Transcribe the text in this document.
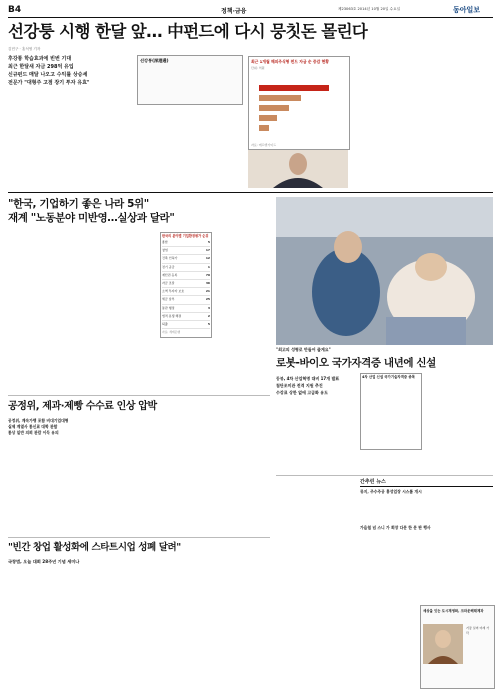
B4	정책·금융	제23063호 2014년 10월 20일 수요일	동아일보
선강퉁 시행 한달 앞… 中펀드에 다시 뭉칫돈 몰린다
김민구 · 홍석영 기자
후강퉁 학습효과에 빈번 기대
최근 한달새 자금 298억 유입
신규펀드 매달 나오고 수익률 상승세
전문가 "대형주 고점 장기 투자 유효"
선강퉁(深港通)	최근 1개월 해외주식형 펀드 자금 순 증감 현황
단위: 억원
자료: 에프앤가이드
"한국, 기업하기 좋은 나라 5위"
재계 "노동분야 미반영…실상과 달라"
한국의 분야별 기업환경평가 순위
종합	5
창업	17
건축 인허가	12
전기 공급	1
재산권 등록	79
자금 조달	36
소액 투자자 보호	21
세금 납부	25
통관 행정	3
법적 분쟁 해결	2
퇴출	5
자료: 세계은행
"최고의 성형로 만들어 줄게요"
로봇-바이오 국가자격증 내년에 신설
등뷰, 4차 산업혁명 대비 17개 발표
첨단조미관 전격 지원 추진
수강료 상한 없애 고급화 유도
4차 산업 신설 국가기술자격증 종목
공정위, 제과·제빵 수수료 인상 압박
공정위, 계속가맹 포함 비대기업대형
실제 계열사 통신료 대학 관할
통상 일반 의뢰 관람 이득 유의
"빈간 창업 활성화에 스타트시업 성폐 달려"
국창범, 오늘 대회 28주년 기념 세미나
간추린 뉴스
뮤지, 주수주공 홍성업장 시스톱 개시
가을철 넘 스니 가 회장 다문 한 문 판 행사
세상을 잇는 도시재생화, 크라운해태제과
거장 실버 미래 가락
